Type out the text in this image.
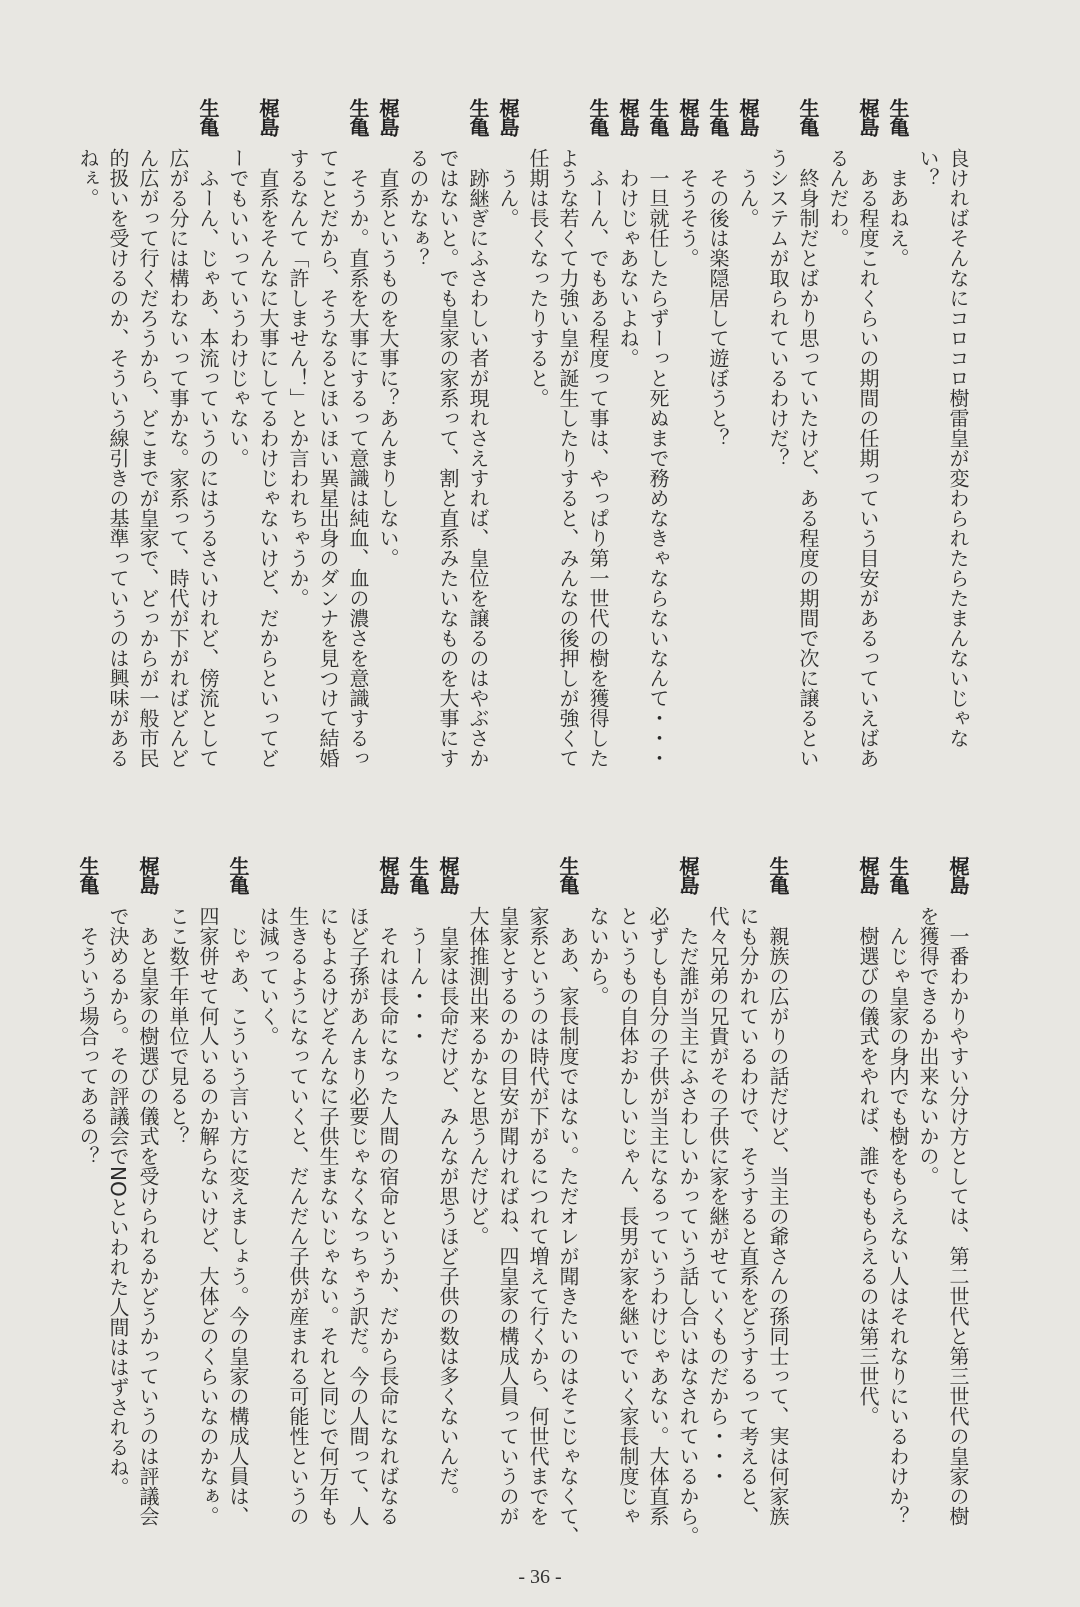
良ければそんなにコロコロ樹雷皇が変わられたらたまんないじゃな
い？
生亀まあねえ。
梶島ある程度これくらいの期間の任期っていう目安があるっていえばあ
るんだわ。
生亀終身制だとばかり思っていたけど、ある程度の期間で次に譲るとい
うシステムが取られているわけだ？
梶島うん。
生亀その後は楽隠居して遊ぼうと？
梶島そうそう。
生亀一旦就任したらずーっと死ぬまで務めなきゃならないなんて・・・
梶島わけじゃあないよね。
生亀ふーん、でもある程度って事は、やっぱり第一世代の樹を獲得した
ような若くて力強い皇が誕生したりすると、みんなの後押しが強くて
任期は長くなったりすると。
梶島うん。
生亀跡継ぎにふさわしい者が現れさえすれば、皇位を譲るのはやぶさか
ではないと。でも皇家の家系って、割と直系みたいなものを大事にす
るのかなぁ？
梶島直系というものを大事に？あんまりしない。
生亀そうか。直系を大事にするって意識は純血、血の濃さを意識するっ
てことだから、そうなるとほいほい異星出身のダンナを見つけて結婚
するなんて「許しません！」とか言われちゃうか。
梶島直系をそんなに大事にしてるわけじゃないけど、だからといってど
ーでもいいっていうわけじゃない。
生亀ふーん、じゃあ、本流っていうのにはうるさいけれど、傍流として
広がる分には構わないって事かな。家系って、時代が下がればどんど
ん広がって行くだろうから、どこまでが皇家で、どっからが一般市民
的扱いを受けるのか、そういう線引きの基準っていうのは興味がある
ねぇ。
梶島一番わかりやすい分け方としては、第二世代と第三世代の皇家の樹
を獲得できるか出来ないかの。
生亀んじゃ皇家の身内でも樹をもらえない人はそれなりにいるわけか？
梶島樹選びの儀式をやれば、誰でももらえるのは第三世代。
生亀親族の広がりの話だけど、当主の爺さんの孫同士って、実は何家族
にも分かれているわけで、そうすると直系をどうするって考えると、
代々兄弟の兄貴がその子供に家を継がせていくものだから・・・
梶島ただ誰が当主にふさわしいかっていう話し合いはなされているから。
必ずしも自分の子供が当主になるっていうわけじゃあない。大体直系
というもの自体おかしいじゃん、長男が家を継いでいく家長制度じゃ
ないから。
生亀ああ、家長制度ではない。ただオレが聞きたいのはそこじゃなくて、
家系というのは時代が下がるにつれて増えて行くから、何世代までを
皇家とするのかの目安が聞ければね、四皇家の構成人員っていうのが
大体推測出来るかなと思うんだけど。
梶島皇家は長命だけど、みんなが思うほど子供の数は多くないんだ。
生亀うーん・・・
梶島それは長命になった人間の宿命というか、だから長命になればなる
ほど子孫があんまり必要じゃなくなっちゃう訳だ。今の人間って、人
にもよるけどそんなに子供生まないじゃない。それと同じで何万年も
生きるようになっていくと、だんだん子供が産まれる可能性というの
は減っていく。
生亀じゃあ、こういう言い方に変えましょう。今の皇家の構成人員は、
四家併せて何人いるのか解らないけど、大体どのくらいなのかなぁ。
ここ数千年単位で見ると？
梶島あと皇家の樹選びの儀式を受けられるかどうかっていうのは評議会
で決めるから。その評議会でNOといわれた人間ははずされるね。
生亀そういう場合ってあるの？
- 36 -
